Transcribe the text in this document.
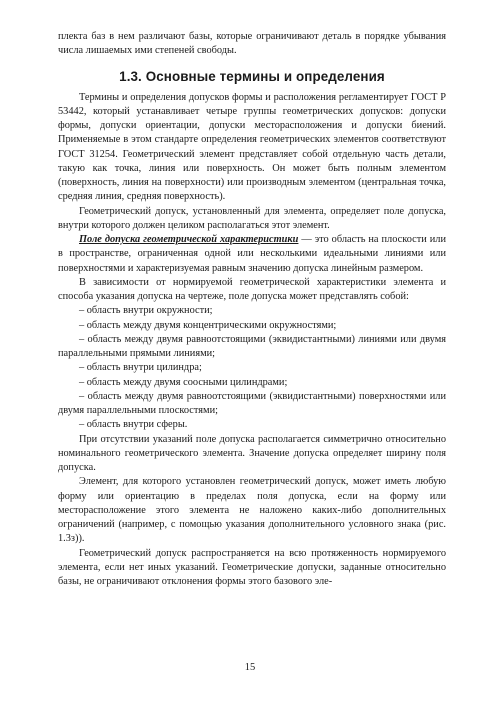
плекта баз в нем различают базы, которые ограничивают деталь в порядке убывания числа лишаемых ими степеней свободы.

1.3. Основные термины и определения

Термины и определения допусков формы и расположения регламентирует ГОСТ Р 53442, который устанавливает четыре группы геометрических допусков: допуски формы, допуски ориентации, допуски месторасположения и допуски биений. Применяемые в этом стандарте определения геометрических элементов соответствуют ГОСТ 31254. Геометрический элемент представляет собой отдельную часть детали, такую как точка, линия или поверхность. Он может быть полным элементом (поверхность, линия на поверхности) или производным элементом (центральная точка, средняя линия, средняя поверхность).

Геометрический допуск, установленный для элемента, определяет поле допуска, внутри которого должен целиком располагаться этот элемент.

Поле допуска геометрической характеристики — это область на плоскости или в пространстве, ограниченная одной или несколькими идеальными линиями или поверхностями и характеризуемая равным значению допуска линейным размером.

В зависимости от нормируемой геометрической характеристики элемента и способа указания допуска на чертеже, поле допуска может представлять собой:

– область внутри окружности;

– область между двумя концентрическими окружностями;

– область между двумя равноотстоящими (эквидистантными) линиями или двумя параллельными прямыми линиями;

– область внутри цилиндра;

– область между двумя соосными цилиндрами;

– область между двумя равноотстоящими (эквидистантными) поверхностями или двумя параллельными плоскостями;

– область внутри сферы.

При отсутствии указаний поле допуска располагается симметрично относительно номинального геометрического элемента. Значение допуска определяет ширину поля допуска.

Элемент, для которого установлен геометрический допуск, может иметь любую форму или ориентацию в пределах поля допуска, если на форму или месторасположение этого элемента не наложено каких-либо дополнительных ограничений (например, с помощью указания дополнительного условного знака (рис. 1.3з)).

Геометрический допуск распространяется на всю протяженность нормируемого элемента, если нет иных указаний. Геометрические допуски, заданные относительно базы, не ограничивают отклонения формы этого базового эле-

15
